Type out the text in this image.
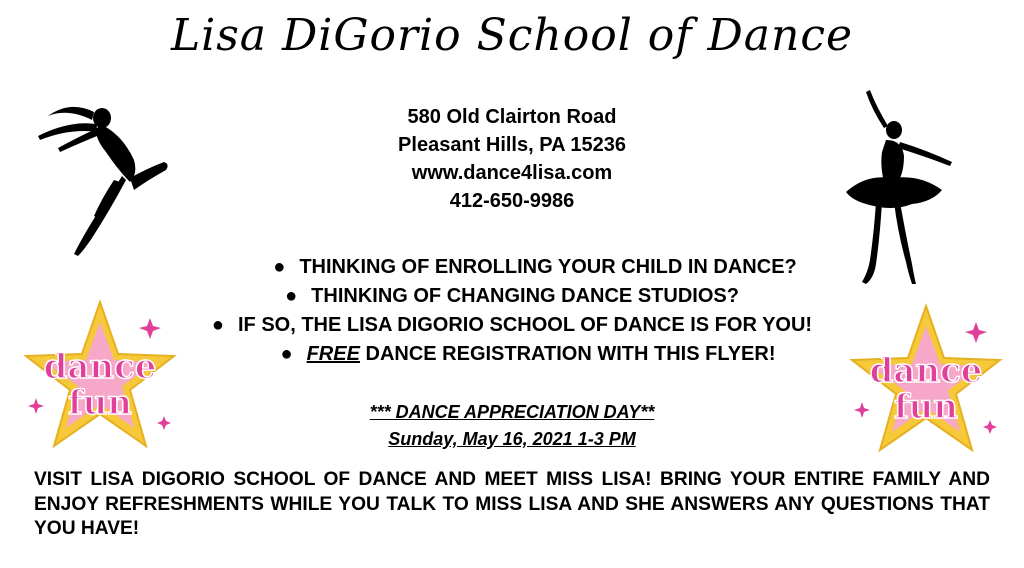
Lisa DiGorio School of Dance
dance
fun
dance
fun
580 Old Clairton Road
Pleasant Hills, PA 15236
www.dance4lisa.com
412-650-9986
● THINKING OF ENROLLING YOUR CHILD IN DANCE?
● THINKING OF CHANGING DANCE STUDIOS?
● IF SO, THE LISA DIGORIO SCHOOL OF DANCE IS FOR YOU!
● FREE DANCE REGISTRATION WITH THIS FLYER!
*** DANCE APPRECIATION DAY**
Sunday, May 16, 2021 1-3 PM
VISIT LISA DIGORIO SCHOOL OF DANCE AND MEET MISS LISA! BRING YOUR ENTIRE FAMILY AND ENJOY REFRESHMENTS WHILE YOU TALK TO MISS LISA AND SHE ANSWERS ANY QUESTIONS THAT YOU HAVE!
